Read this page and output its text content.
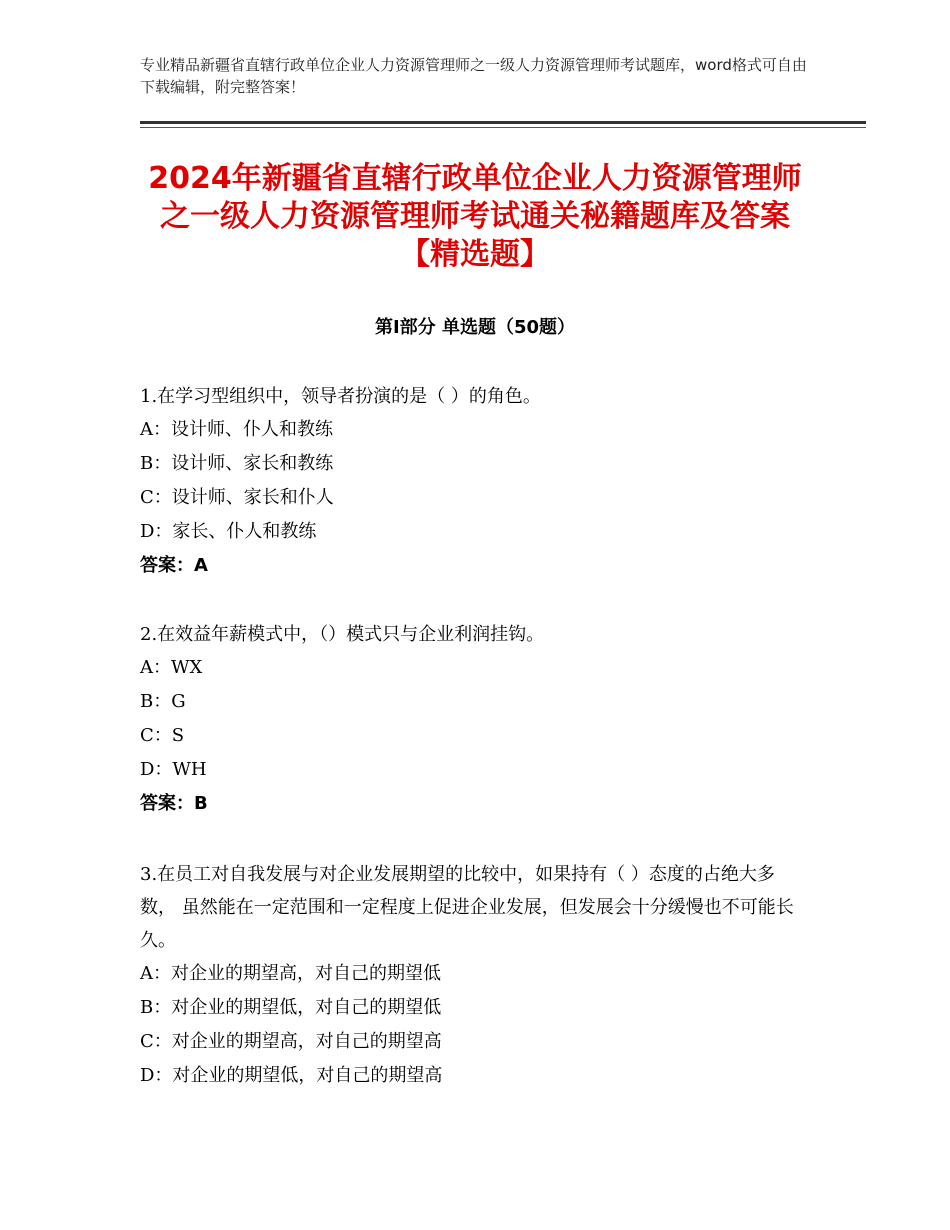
专业精品新疆省直辖行政单位企业人力资源管理师之一级人力资源管理师考试题库，word格式可自由下载编辑，附完整答案！
2024年新疆省直辖行政单位企业人力资源管理师之一级人力资源管理师考试通关秘籍题库及答案【精选题】
第Ⅰ部分 单选题（50题）
1.在学习型组织中，领导者扮演的是（ ）的角色。
A：设计师、仆人和教练
B：设计师、家长和教练
C：设计师、家长和仆人
D：家长、仆人和教练
答案：A
2.在效益年薪模式中，（）模式只与企业利润挂钩。
A：WX
B：G
C：S
D：WH
答案：B
3.在员工对自我发展与对企业发展期望的比较中，如果持有（ ）态度的占绝大多数， 虽然能在一定范围和一定程度上促进企业发展，但发展会十分缓慢也不可能长久。
A：对企业的期望高，对自己的期望低
B：对企业的期望低，对自己的期望低
C：对企业的期望高，对自己的期望高
D：对企业的期望低，对自己的期望高
